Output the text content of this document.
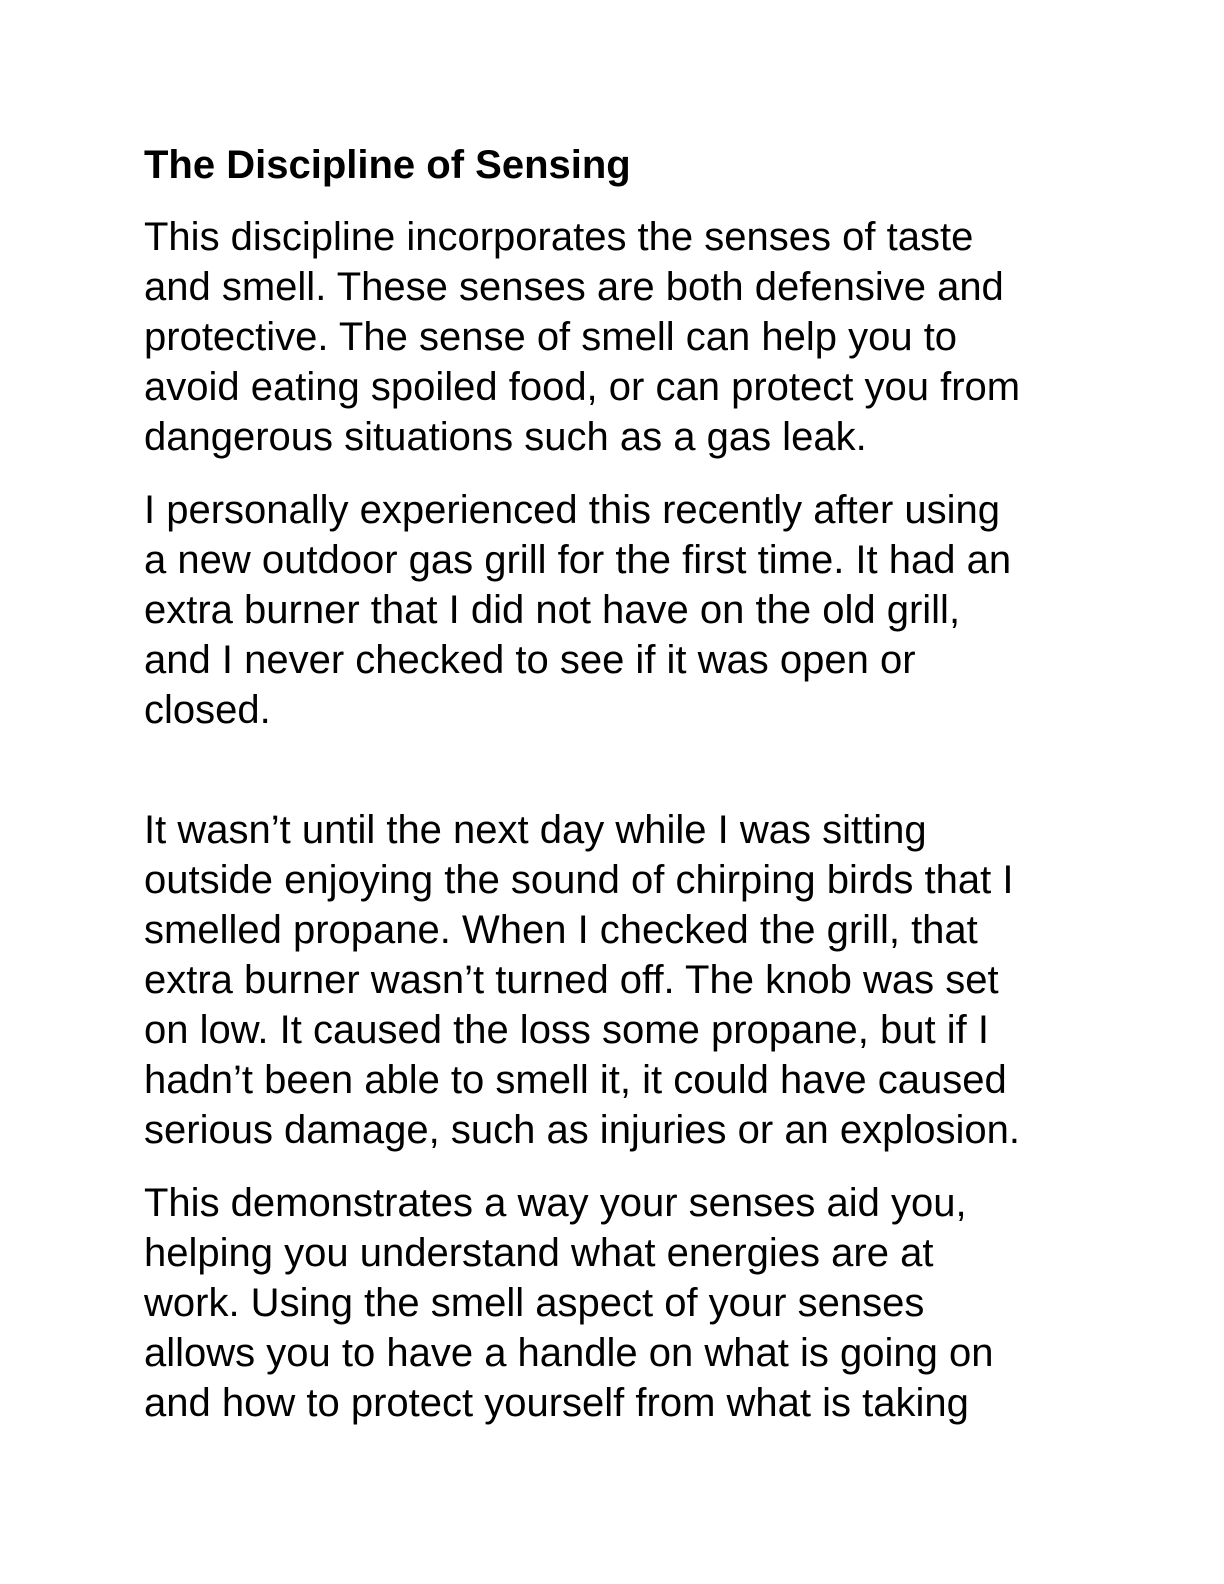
The Discipline of Sensing

This discipline incorporates the senses of taste
and smell. These senses are both defensive and
protective. The sense of smell can help you to
avoid eating spoiled food, or can protect you from
dangerous situations such as a gas leak.

I personally experienced this recently after using
a new outdoor gas grill for the first time. It had an
extra burner that I did not have on the old grill,
and I never checked to see if it was open or
closed.

It wasn’t until the next day while I was sitting
outside enjoying the sound of chirping birds that I
smelled propane. When I checked the grill, that
extra burner wasn’t turned off. The knob was set
on low. It caused the loss some propane, but if I
hadn’t been able to smell it, it could have caused
serious damage, such as injuries or an explosion.

This demonstrates a way your senses aid you,
helping you understand what energies are at
work. Using the smell aspect of your senses
allows you to have a handle on what is going on
and how to protect yourself from what is taking
